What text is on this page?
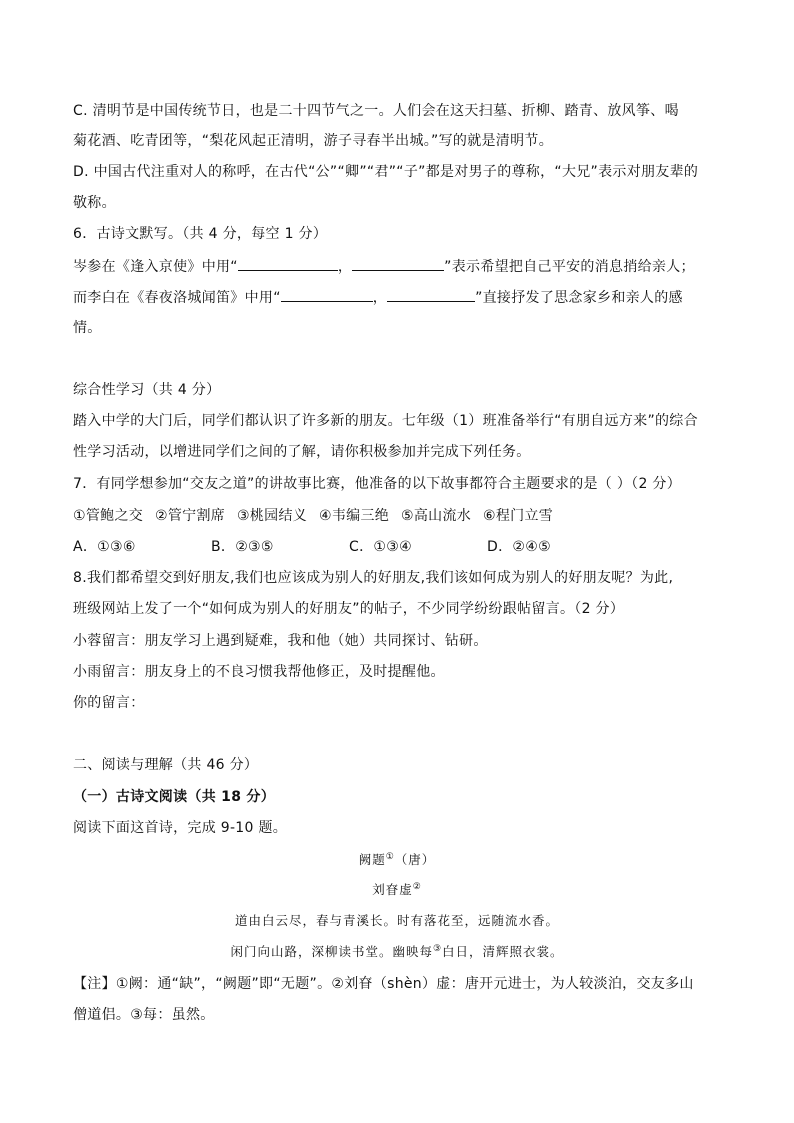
C. 清明节是中国传统节日，也是二十四节气之一。人们会在这天扫墓、折柳、踏青、放风筝、喝
菊花酒、吃青团等，“梨花风起正清明，游子寻春半出城。”写的就是清明节。
D. 中国古代注重对人的称呼，在古代“公”“卿”“君”“子”都是对男子的尊称，“大兄”表示对朋友辈的
敬称。
6．古诗文默写。（共 4 分，每空 1 分）
岑参在《逢入京使》中用“	，	”表示希望把自己平安的消息捎给亲人；
而李白在《春夜洛城闻笛》中用“	，	”直接抒发了思念家乡和亲人的感
情。
综合性学习（共 4 分）
踏入中学的大门后，同学们都认识了许多新的朋友。七年级（1）班准备举行“有朋自远方来”的综合
性学习活动，以增进同学们之间的了解，请你积极参加并完成下列任务。
7．有同学想参加“交友之道”的讲故事比赛，他准备的以下故事都符合主题要求的是（ ）（2 分）
①管鲍之交 ②管宁割席 ③桃园结义 ④韦编三绝 ⑤高山流水 ⑥程门立雪
A．①③⑥	B．②③⑤	C．①③④	D．②④⑤
8.我们都希望交到好朋友,我们也应该成为别人的好朋友,我们该如何成为别人的好朋友呢？为此,
班级网站上发了一个“如何成为别人的好朋友”的帖子，不少同学纷纷跟帖留言。（2 分）
小蓉留言：朋友学习上遇到疑难，我和他（她）共同探讨、钻研。
小雨留言：朋友身上的不良习惯我帮他修正，及时提醒他。
你的留言：
二、阅读与理解（共 46 分）
（一）古诗文阅读（共 18 分）
阅读下面这首诗，完成 9-10 题。
阙题①（唐）
刘眘虚②
道由白云尽，春与青溪长。时有落花至，远随流水香。
闲门向山路，深柳读书堂。幽映每③白日，清辉照衣裳。
【注】①阙：通“缺”，“阙题”即“无题”。②刘眘（shèn）虚：唐开元进士，为人较淡泊，交友多山
僧道侣。③每：虽然。
